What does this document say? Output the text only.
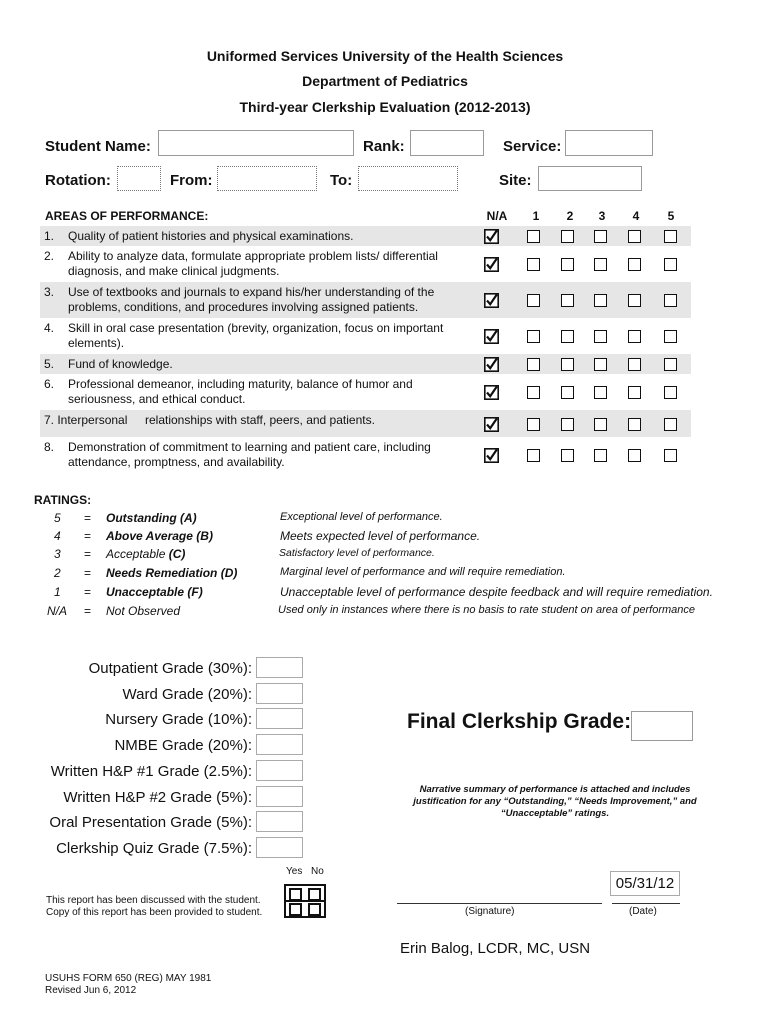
Uniformed Services University of the Health Sciences
Department of Pediatrics
Third-year Clerkship Evaluation (2012-2013)
Student Name:	Rank:	Service:
Rotation:	From:	To:	Site:
AREAS OF PERFORMANCE:	N/A	1	2	3	4	5
1. Quality of patient histories and physical examinations.
2. Ability to analyze data, formulate appropriate problem lists/ differential diagnosis, and make clinical judgments.
3. Use of textbooks and journals to expand his/her understanding of the problems, conditions, and procedures involving assigned patients.
4. Skill in oral case presentation (brevity, organization, focus on important elements).
5. Fund of knowledge.
6. Professional demeanor, including maturity, balance of humor and seriousness, and ethical conduct.
7. Interpersonal relationships with staff, peers, and patients.
8. Demonstration of commitment to learning and patient care, including attendance, promptness, and availability.
RATINGS:
5 = Outstanding (A)	Exceptional level of performance.
4 = Above Average (B)	Meets expected level of performance.
3 = Acceptable (C)	Satisfactory level of performance.
2 = Needs Remediation (D)	Marginal level of performance and will require remediation.
1 = Unacceptable (F)	Unacceptable level of performance despite feedback and will require remediation.
N/A = Not Observed	Used only in instances where there is no basis to rate student on area of performance
Outpatient Grade (30%):
Ward Grade (20%):
Nursery Grade (10%):
NMBE Grade (20%):
Written H&P #1 Grade (2.5%):
Written H&P #2 Grade (5%):
Oral Presentation Grade (5%):
Clerkship Quiz Grade (7.5%):
Final Clerkship Grade:
Narrative summary of performance is attached and includes justification for any “Outstanding,” “Needs Improvement,” and “Unacceptable” ratings.
Yes No
This report has been discussed with the student.
Copy of this report has been provided to student.
05/31/12
(Signature)	(Date)
Erin Balog, LCDR, MC, USN
USUHS FORM 650 (REG) MAY 1981
Revised Jun 6, 2012
